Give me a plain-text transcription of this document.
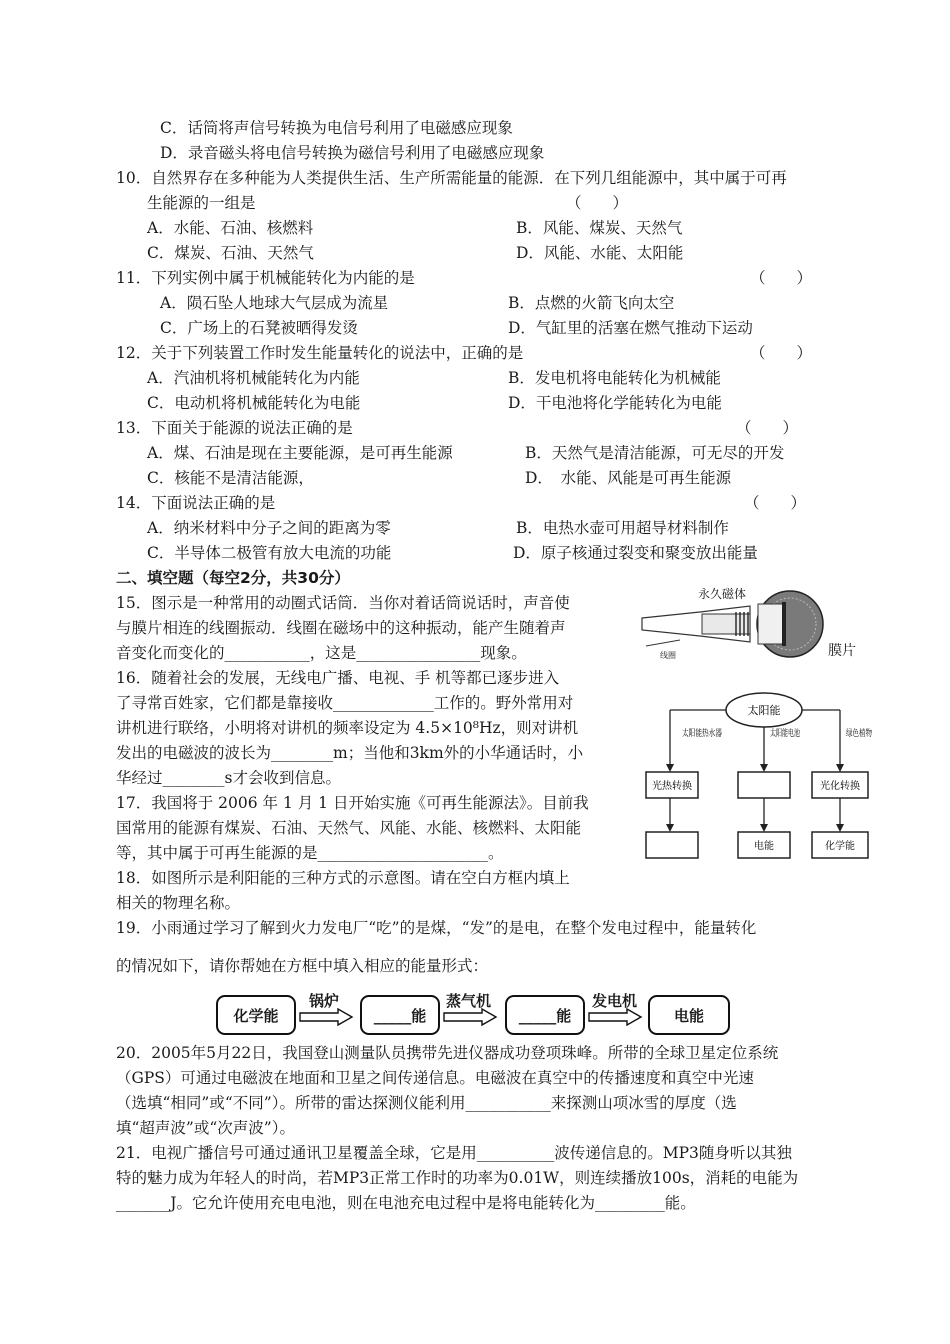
C．话筒将声信号转换为电信号利用了电磁感应现象
D．录音磁头将电信号转换为磁信号利用了电磁感应现象
10．自然界存在多种能为人类提供生活、生产所需能量的能源．在下列几组能源中，其中属于可再
生能源的一组是	（　　）
A．水能、石油、核燃料	B．风能、煤炭、天然气
C．煤炭、石油、天然气	D．风能、水能、太阳能
11．下列实例中属于机械能转化为内能的是	（　　）
A．陨石坠人地球大气层成为流星	B．点燃的火箭飞向太空
C．广场上的石凳被晒得发烫	D．气缸里的活塞在燃气推动下运动
12．关于下列装置工作时发生能量转化的说法中，正确的是	（　　）
A．汽油机将机械能转化为内能	B．发电机将电能转化为机械能
C．电动机将机械能转化为电能	D．干电池将化学能转化为电能
13．下面关于能源的说法正确的是	（　　）
A．煤、石油是现在主要能源，是可再生能源	B．天然气是清洁能源，可无尽的开发
C．核能不是清洁能源，	D．　水能、风能是可再生能源
14．下面说法正确的是	（　　）
A．纳米材料中分子之间的距离为零	B．电热水壶可用超导材料制作
C．半导体二极管有放大电流的功能	D．原子核通过裂变和聚变放出能量
二、填空题（每空2分，共30分）
15．图示是一种常用的动圈式话筒．当你对着话筒说话时，声音使
与膜片相连的线圈振动．线圈在磁场中的这种振动，能产生随着声
音变化而变化的___________，这是________________现象。
16．随着社会的发展，无线电广播、电视、手 机等都已逐步进入
了寻常百姓家，它们都是靠接收_____________工作的。野外常用对
讲机进行联络，小明将对讲机的频率设定为 4.5×10⁸Hz，则对讲机
发出的电磁波的波长为________m；当他和3km外的小华通话时，小
华经过________s才会收到信息。
17．我国将于 2006 年 1 月 1 日开始实施《可再生能源法》。目前我
国常用的能源有煤炭、石油、天然气、风能、水能、核燃料、太阳能
等，其中属于可再生能源的是______________________。
18．如图所示是利阳能的三种方式的示意图。请在空白方框内填上
相关的物理名称。
19．小雨通过学习了解到火力发电厂“吃”的是煤，“发”的是电，在整个发电过程中，能量转化
的情况如下，请你帮她在方框中填入相应的能量形式：
永久磁体
线圈	膜片
太阳能
太阳能热水器	太阳能电池	绿色植物
光热转换	光化转换
电能	化学能
化学能
锅炉
_____能
蒸气机
_____能
发电机
电能
20．2005年5月22日，我国登山测量队员携带先进仪器成功登项珠峰。所带的全球卫星定位系统
（GPS）可通过电磁波在地面和卫星之间传递信息。电磁波在真空中的传播速度和真空中光速
（选填“相同”或“不同”）。所带的雷达探测仪能利用___________来探测山项冰雪的厚度（选
填“超声波”或“次声波”）。
21．电视广播信号可通过通讯卫星覆盖全球，它是用__________波传递信息的。MP3随身听以其独
特的魅力成为年轻人的时尚，若MP3正常工作时的功率为0.01W，则连续播放100s，消耗的电能为
_______J。它允许使用充电电池，则在电池充电过程中是将电能转化为_________能。
